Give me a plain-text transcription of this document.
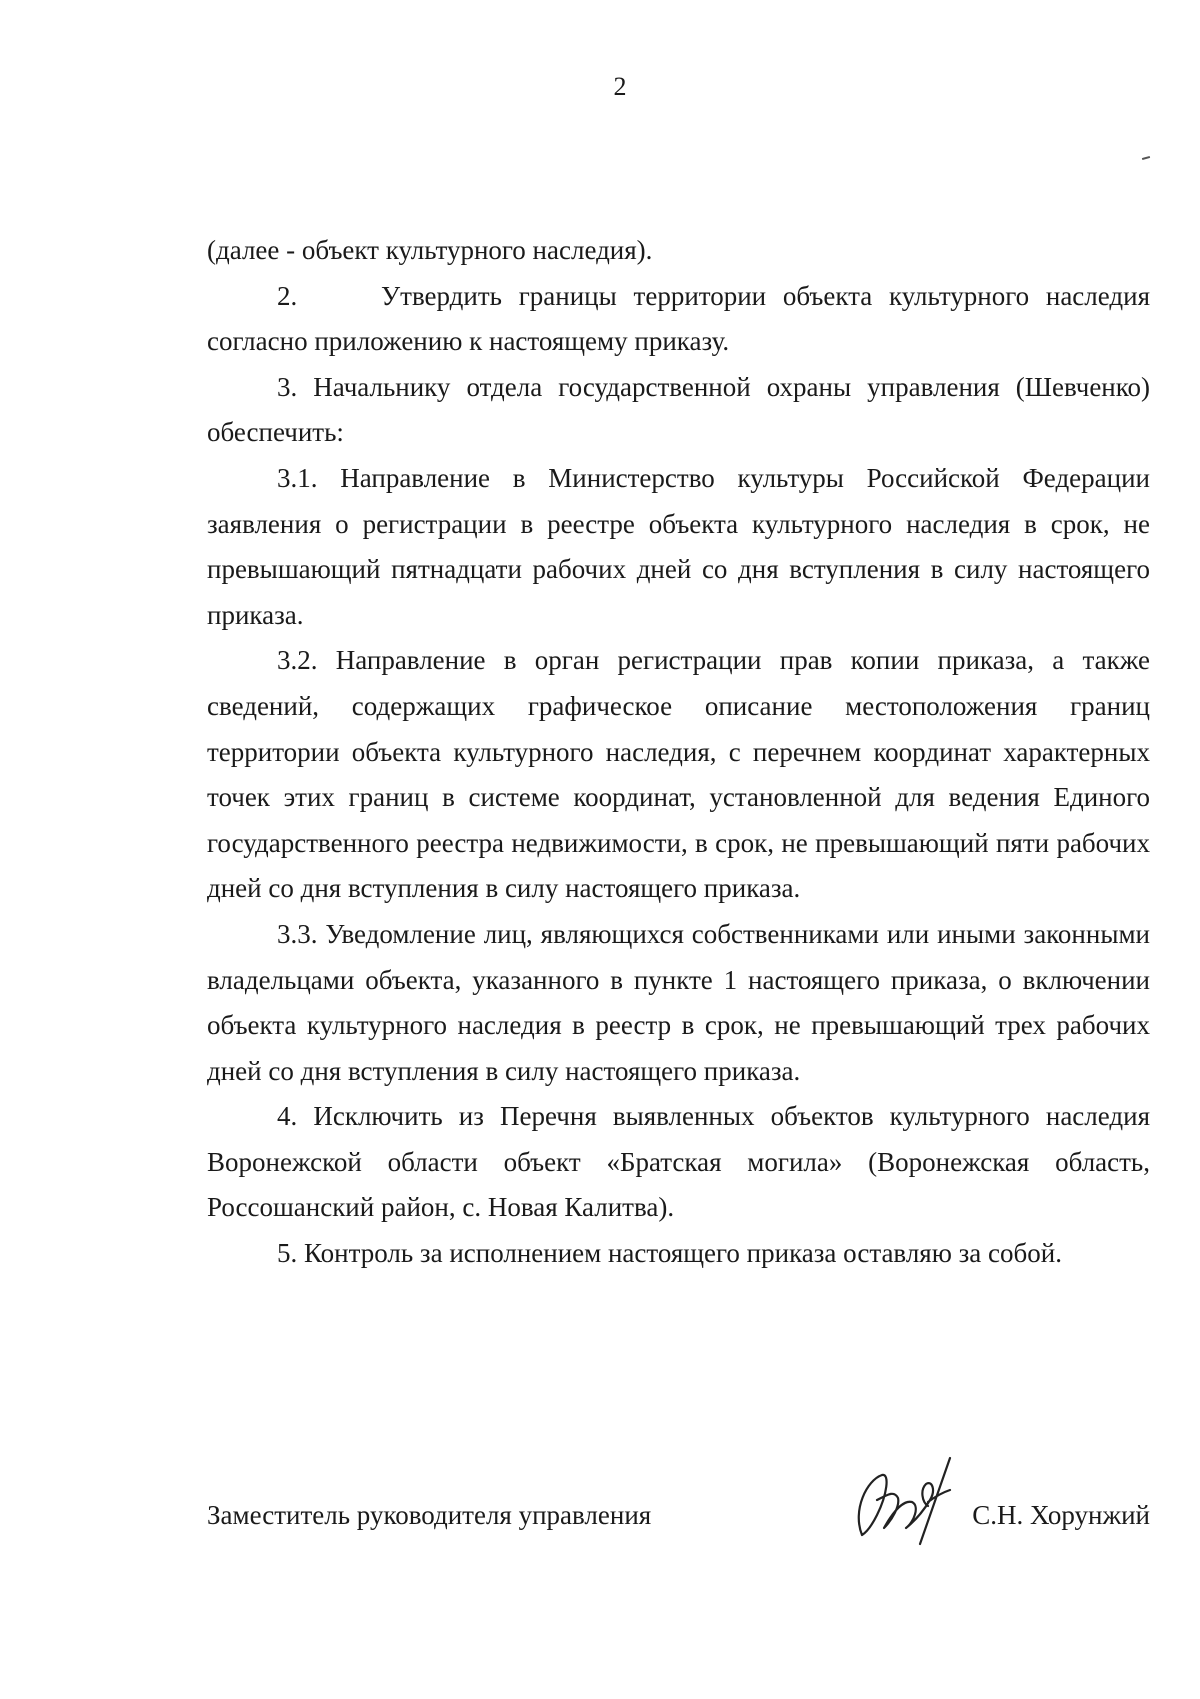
2

(далее - объект культурного наследия).

2.     Утвердить границы территории объекта культурного наследия согласно приложению к настоящему приказу.

3. Начальнику отдела государственной охраны управления (Шевченко) обеспечить:

3.1. Направление в Министерство культуры Российской Федерации заявления о регистрации в реестре объекта культурного наследия в срок, не превышающий пятнадцати рабочих дней со дня вступления в силу настоящего приказа.

3.2. Направление в орган регистрации прав копии приказа, а также сведений, содержащих графическое описание местоположения границ территории объекта культурного наследия, с перечнем координат характерных точек этих границ в системе координат, установленной для ведения Единого государственного реестра недвижимости, в срок, не превышающий пяти рабочих дней со дня вступления в силу настоящего приказа.

3.3. Уведомление лиц, являющихся собственниками или иными законными владельцами объекта, указанного в пункте 1 настоящего приказа, о включении объекта культурного наследия в реестр в срок, не превышающий трех рабочих дней со дня вступления в силу настоящего приказа.

4. Исключить из Перечня выявленных объектов культурного наследия Воронежской области объект «Братская могила» (Воронежская область, Россошанский район, с. Новая Калитва).

5. Контроль за исполнением настоящего приказа оставляю за собой.

Заместитель руководителя управления	С.Н. Хорунжий
